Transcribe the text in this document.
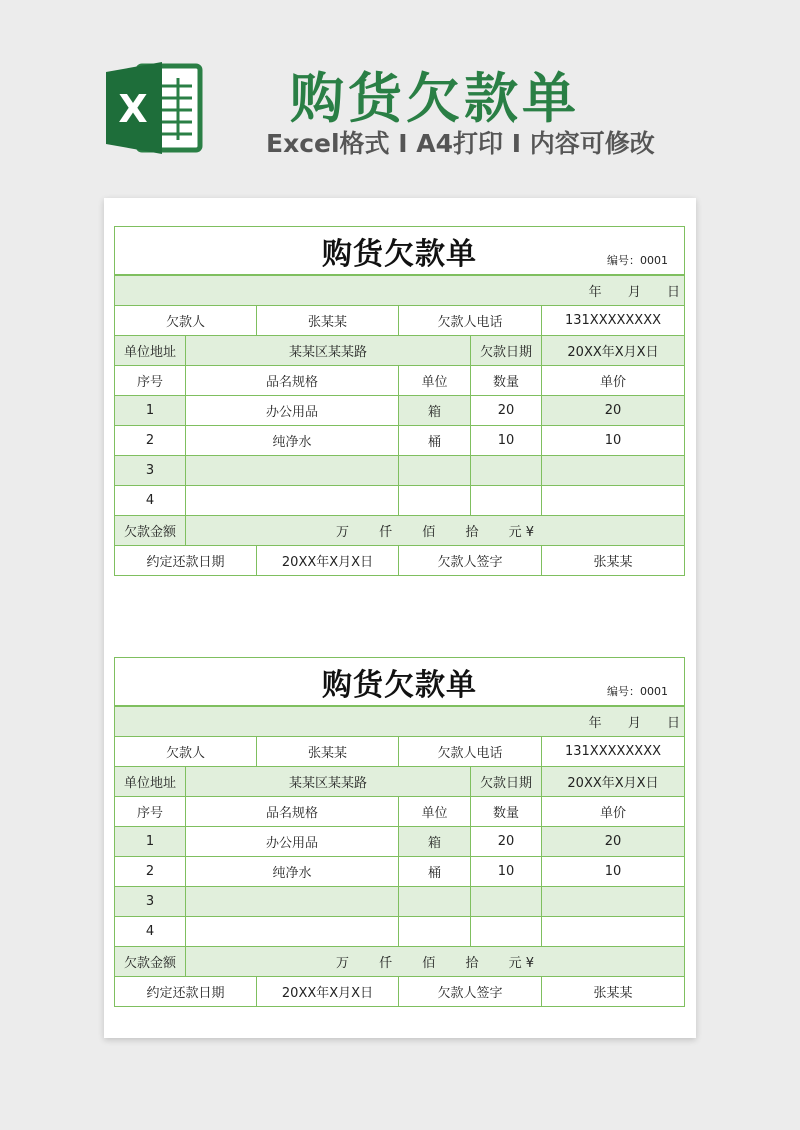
X	购货欠款单
Excel格式 I A4打印 I 内容可修改
购货欠款单 编号：0001						

年 月 日						
欠款人		张某某	欠款人电话		131XXXXXXXX	
单位地址	某某区某某路			欠款日期	20XX年X月X日	
序号	品名规格		单位	数量	单价	
1	办公用品		箱	20	20	
2	纯净水		桶	10	10	
3						
4						
欠款金额	万 仟 佰 拾 元 ¥					
约定还款日期		20XX年X月X日	欠款人签字		张某某	
购货欠款单 编号：0001						

年 月 日						
欠款人		张某某	欠款人电话		131XXXXXXXX	
单位地址	某某区某某路			欠款日期	20XX年X月X日	
序号	品名规格		单位	数量	单价	
1	办公用品		箱	20	20	
2	纯净水		桶	10	10	
3						
4						
欠款金额	万 仟 佰 拾 元 ¥					
约定还款日期		20XX年X月X日	欠款人签字		张某某	
